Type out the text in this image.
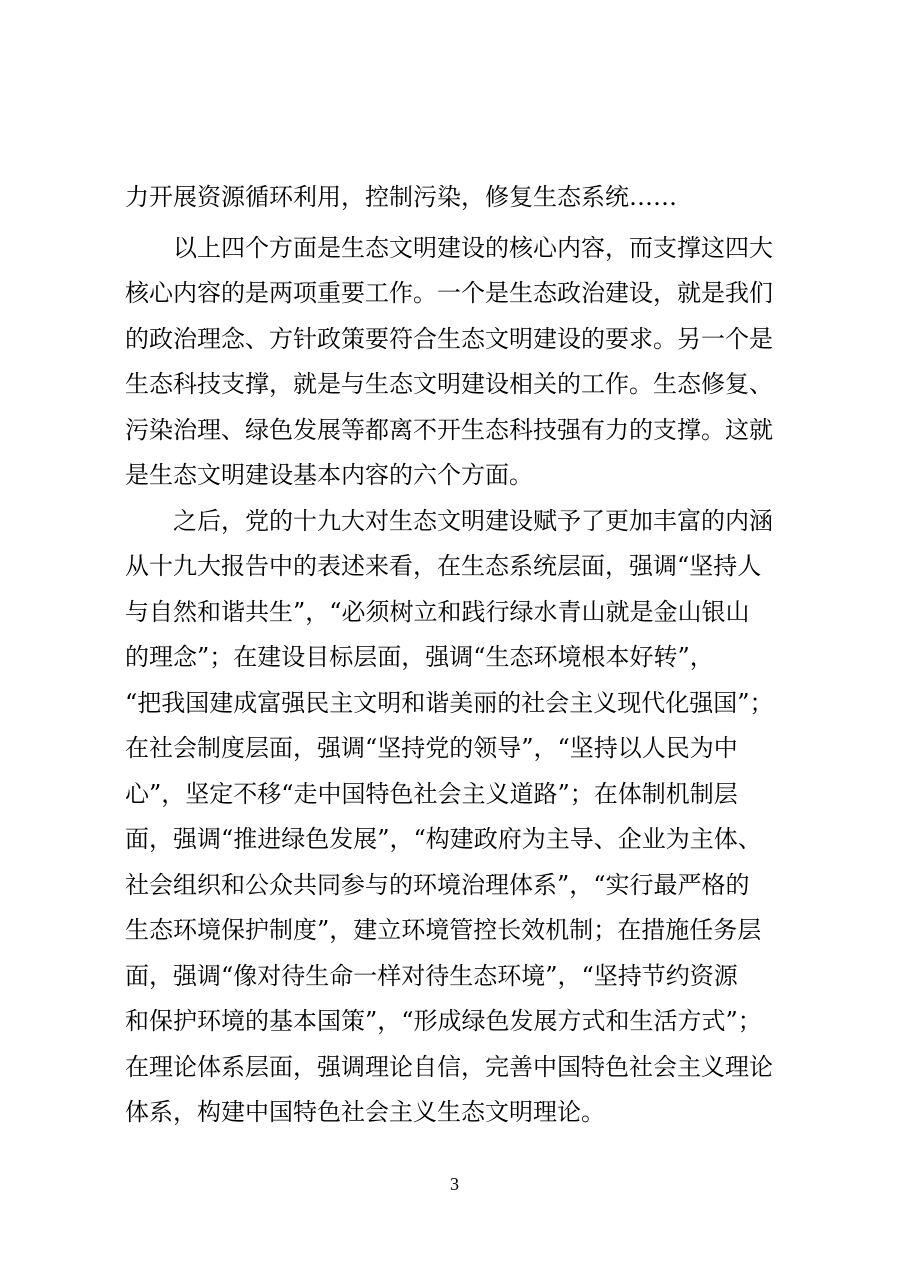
力开展资源循环利用，控制污染，修复生态系统……
　　以上四个方面是生态文明建设的核心内容，而支撑这四大
核心内容的是两项重要工作。一个是生态政治建设，就是我们
的政治理念、方针政策要符合生态文明建设的要求。另一个是
生态科技支撑，就是与生态文明建设相关的工作。生态修复、
污染治理、绿色发展等都离不开生态科技强有力的支撑。这就
是生态文明建设基本内容的六个方面。
　　之后，党的十九大对生态文明建设赋予了更加丰富的内涵
从十九大报告中的表述来看，在生态系统层面，强调“坚持人
与自然和谐共生”，“必须树立和践行绿水青山就是金山银山
的理念”；在建设目标层面，强调“生态环境根本好转”，
“把我国建成富强民主文明和谐美丽的社会主义现代化强国”；
在社会制度层面，强调“坚持党的领导”，“坚持以人民为中
心”，坚定不移“走中国特色社会主义道路”；在体制机制层
面，强调“推进绿色发展”，“构建政府为主导、企业为主体、
社会组织和公众共同参与的环境治理体系”，“实行最严格的
生态环境保护制度”，建立环境管控长效机制；在措施任务层
面，强调“像对待生命一样对待生态环境”，“坚持节约资源
和保护环境的基本国策”，“形成绿色发展方式和生活方式”；
在理论体系层面，强调理论自信，完善中国特色社会主义理论
体系，构建中国特色社会主义生态文明理论。
3
